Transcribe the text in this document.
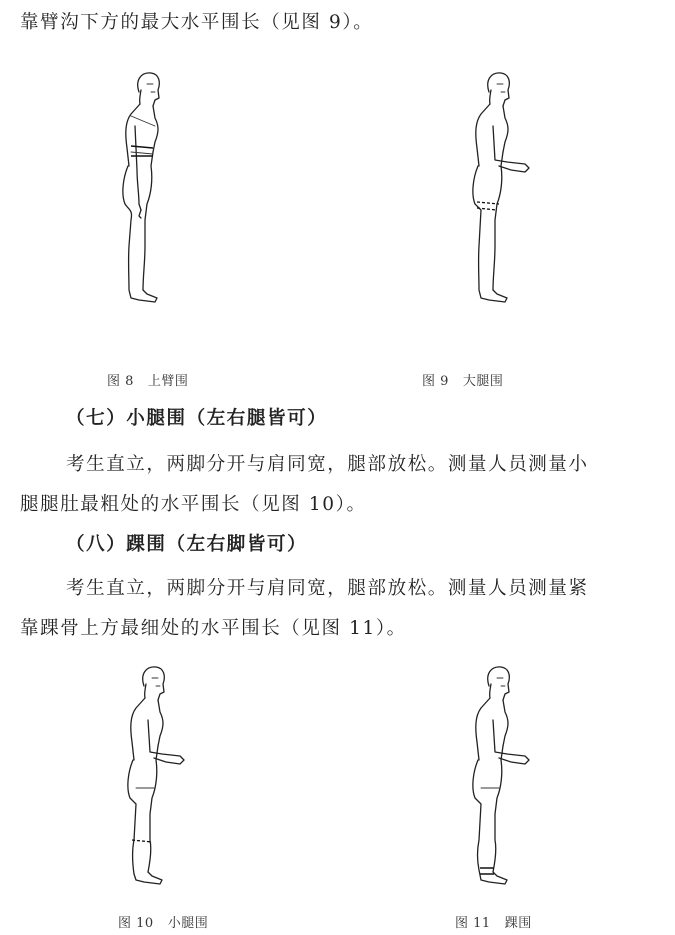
靠臂沟下方的最大水平围长（见图 9）。
图 8 上臂围	图 9 大腿围
（七）小腿围（左右腿皆可）
考生直立，两脚分开与肩同宽，腿部放松。测量人员测量小
腿腿肚最粗处的水平围长（见图 10）。
（八）踝围（左右脚皆可）
考生直立，两脚分开与肩同宽，腿部放松。测量人员测量紧
靠踝骨上方最细处的水平围长（见图 11）。
图 10 小腿围	图 11 踝围
